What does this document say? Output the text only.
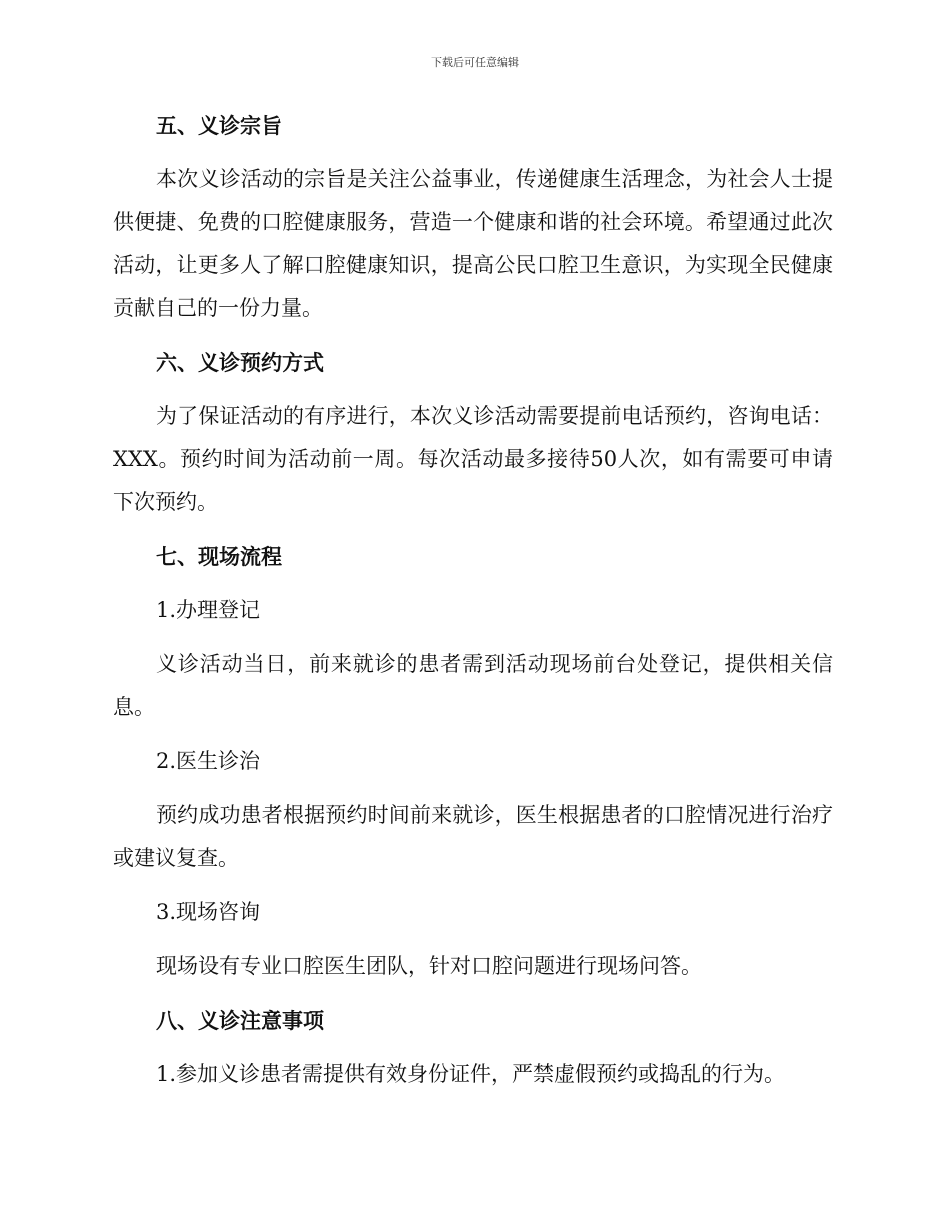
下载后可任意编辑
五、义诊宗旨

本次义诊活动的宗旨是关注公益事业，传递健康生活理念，为社会人士提供便捷、免费的口腔健康服务，营造一个健康和谐的社会环境。希望通过此次活动，让更多人了解口腔健康知识，提高公民口腔卫生意识，为实现全民健康贡献自己的一份力量。

六、义诊预约方式

为了保证活动的有序进行，本次义诊活动需要提前电话预约，咨询电话：XXX。预约时间为活动前一周。每次活动最多接待50人次，如有需要可申请下次预约。

七、现场流程

1.办理登记

义诊活动当日，前来就诊的患者需到活动现场前台处登记，提供相关信息。

2.医生诊治

预约成功患者根据预约时间前来就诊，医生根据患者的口腔情况进行治疗或建议复查。

3.现场咨询

现场设有专业口腔医生团队，针对口腔问题进行现场问答。

八、义诊注意事项

1.参加义诊患者需提供有效身份证件，严禁虚假预约或捣乱的行为。
